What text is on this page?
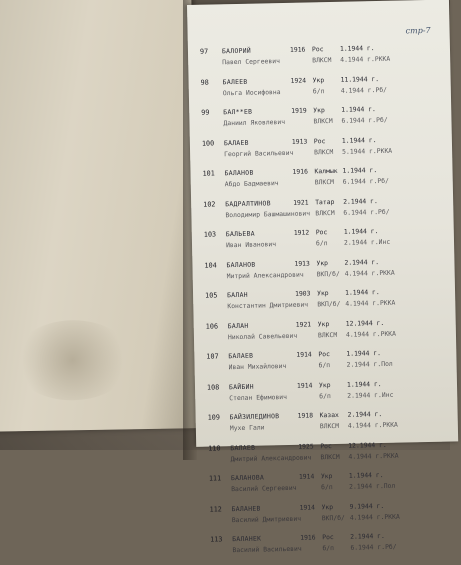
стр-7
97	БАЛОРИЙ	1916 Рос	1.1944 г.
Павел Сергеевич	ВЛКСМ 4.1944 г.РККА
98	БАЛЕЕВ	1924 Укр	11.1944 г.
Ольга Иосифовна	б/п	4.1944 г.Рб/
99	БАЛ**ЕВ	1919 Укр	1.1944 г.
Даниил Яковлевич	ВЛКСМ 6.1944 г.Рб/
100	БАЛАЕВ	1913 Рос	1.1944 г.
Георгий Васильевич	ВЛКСМ 5.1944 г.РККА
101	БАЛАНОВ	1916 Калмык 1.1944 г.
Абдо Бадмаевич	ВЛКСМ 6.1944 г.Рб/
102	БАДРАЛТИНОВ	1921 Татар 2.1944 г.
Володимир Башмашинович ВЛКСМ 6.1944 г.Рб/
103	БАЛЬЕВА	1912 Рос	1.1944 г.
Иван Иванович	б/п	2.1944 г.Инс
104	БАЛАНОВ	1913 Укр	2.1944 г.
Митрий Александрович ВКП/б/ 4.1944 г.РККА
105	БАЛАН	1903 Укр	1.1944 г.
Константин Дмитриевич ВКП/б/ 4.1944 г.РККА
106	БАЛАН	1921 Укр	12.1944 г.
Николай Савельевич	ВЛКСМ 4.1944 г.РККА
107	БАЛАЕВ	1914 Рос	1.1944 г.
Иван Михайлович	б/п	2.1944 г.Пол
108	БАЙБИН	1914 Укр	1.1944 г.
Степан Ефимович	б/п	2.1944 г.Инс
109	БАЙЗИЛЕДИНОВ	1918 Казах 2.1944 г.
Мухе Гали	ВЛКСМ 4.1944 г.РККА
110	БАЛАЕВ	1925 Рос	12.1944 г.
Дмитрий Александрович ВЛКСМ 4.1944 г.РККА
111	БАЛАНОВА	1914 Укр	1.1944 г.
Василий Сергеевич	б/п	2.1944 г.Пол
112	БАЛАНЕВ	1914 Укр	9.1944 г.
Василий Дмитриевич	ВКП/б/ 4.1944 г.РККА
113	БАЛАНЕК	1916 Рос	2.1944 г.
Василий Васильевич	б/п	6.1944 г.Рб/
